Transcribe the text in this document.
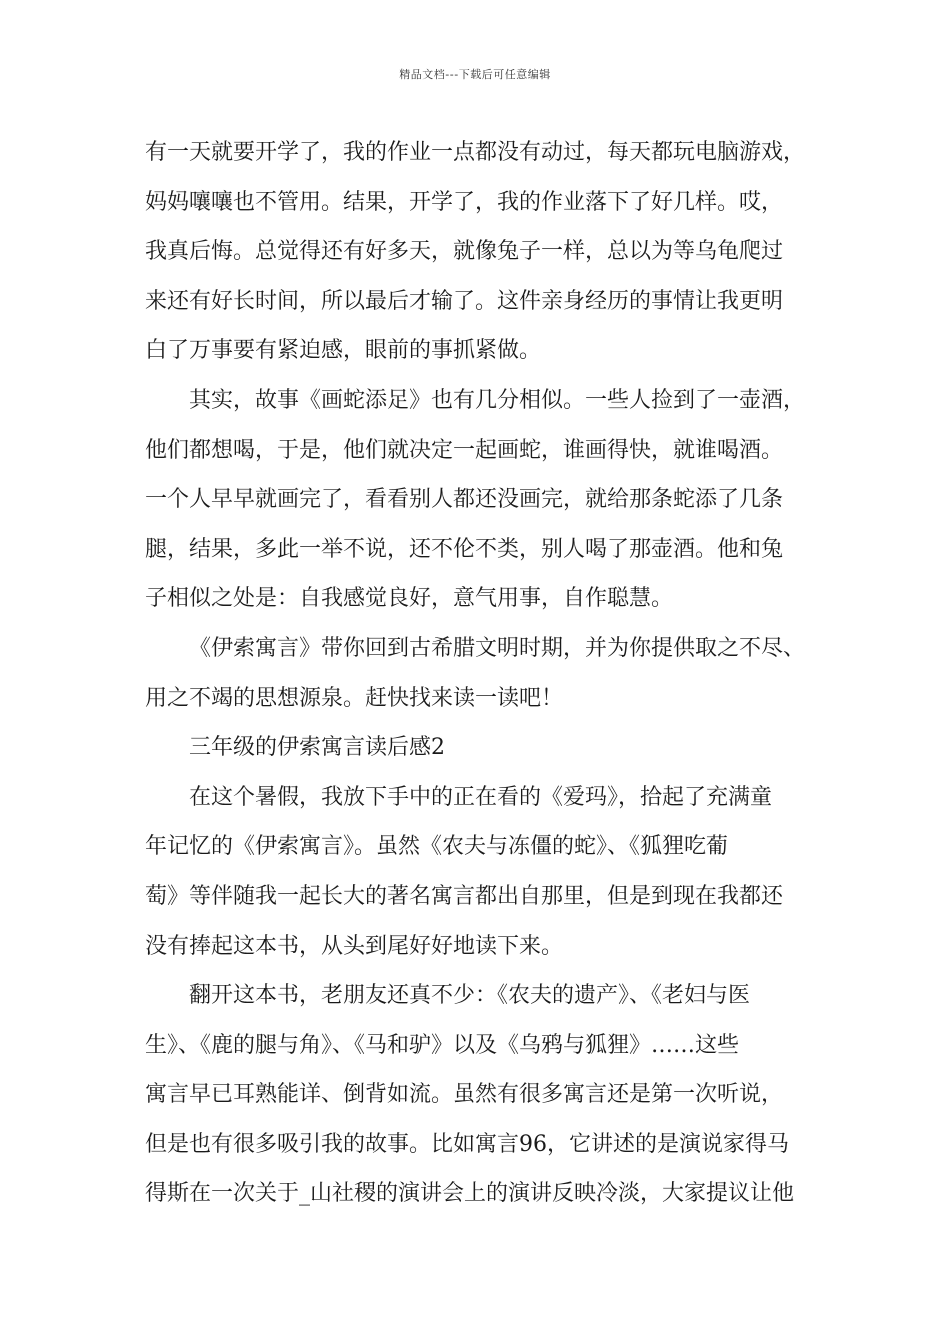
精品文档---下载后可任意编辑
有一天就要开学了，我的作业一点都没有动过，每天都玩电脑游戏，
妈妈嚷嚷也不管用。结果，开学了，我的作业落下了好几样。哎，
我真后悔。总觉得还有好多天，就像兔子一样，总以为等乌龟爬过
来还有好长时间，所以最后才输了。这件亲身经历的事情让我更明
白了万事要有紧迫感，眼前的事抓紧做。
其实，故事《画蛇添足》也有几分相似。一些人捡到了一壶酒，
他们都想喝，于是，他们就决定一起画蛇，谁画得快，就谁喝酒。
一个人早早就画完了，看看别人都还没画完，就给那条蛇添了几条
腿，结果，多此一举不说，还不伦不类，别人喝了那壶酒。他和兔
子相似之处是：自我感觉良好，意气用事，自作聪慧。
《伊索寓言》带你回到古希腊文明时期，并为你提供取之不尽、
用之不竭的思想源泉。赶快找来读一读吧！
三年级的伊索寓言读后感2
在这个暑假，我放下手中的正在看的《爱玛》，拾起了充满童
年记忆的《伊索寓言》。虽然《农夫与冻僵的蛇》、《狐狸吃葡
萄》等伴随我一起长大的著名寓言都出自那里，但是到现在我都还
没有捧起这本书，从头到尾好好地读下来。
翻开这本书，老朋友还真不少：《农夫的遗产》、《老妇与医
生》、《鹿的腿与角》、《马和驴》以及《乌鸦与狐狸》……这些
寓言早已耳熟能详、倒背如流。虽然有很多寓言还是第一次听说，
但是也有很多吸引我的故事。比如寓言96，它讲述的是演说家得马
得斯在一次关于_山社稷的演讲会上的演讲反映冷淡，大家提议让他
